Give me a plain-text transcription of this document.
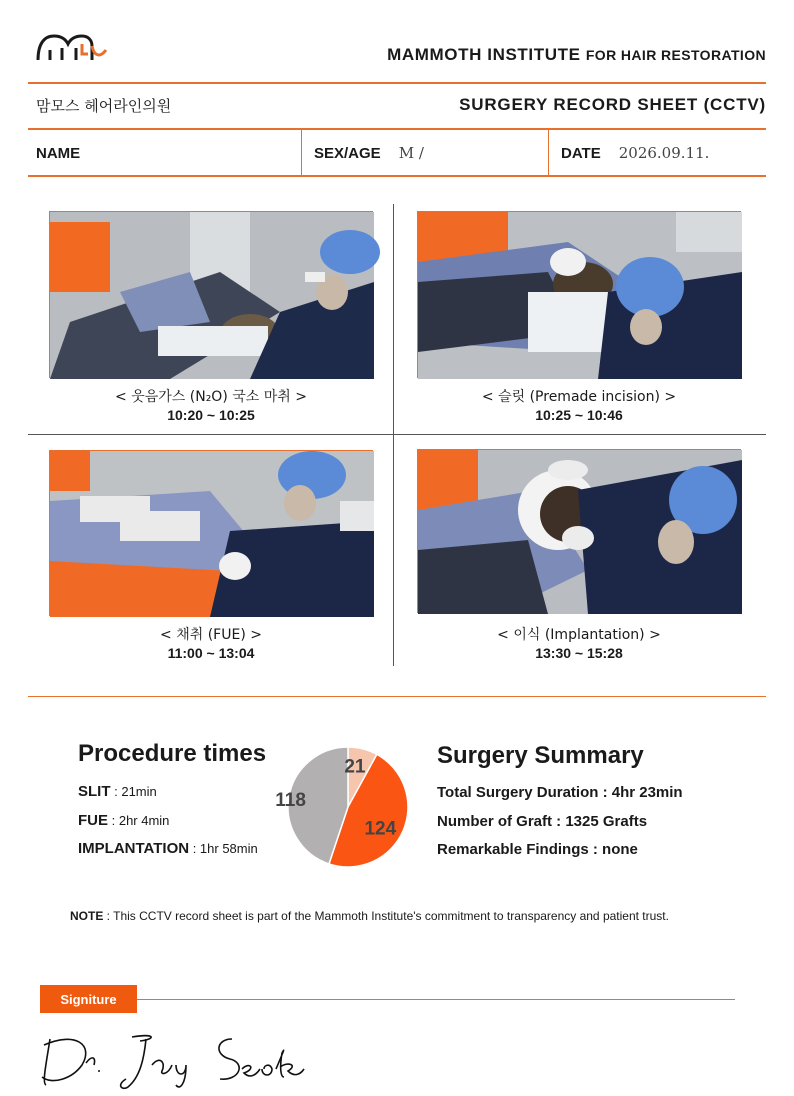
MAMMOTH INSTITUTE FOR HAIR RESTORATION
맘모스 헤어라인의원	SURGERY RECORD SHEET (CCTV)
NAME	SEX/AGE M /	DATE 2026.09.11.
< 웃음가스 (N₂O) 국소 마취 >
10:20 ~ 10:25
< 슬릿 (Premade incision) >
10:25 ~ 10:46
< 채취 (FUE) >
11:00 ~ 13:04
< 이식 (Implantation) >
13:30 ~ 15:28
Procedure times
SLIT : 21min
FUE : 2hr 4min
IMPLANTATION : 1hr 58min
21
124
118
Surgery Summary
Total Surgery Duration : 4hr 23min
Number of Graft : 1325 Grafts
Remarkable Findings : none
NOTE : This CCTV record sheet is part of the Mammoth Institute's commitment to transparency and patient trust.
Signiture
